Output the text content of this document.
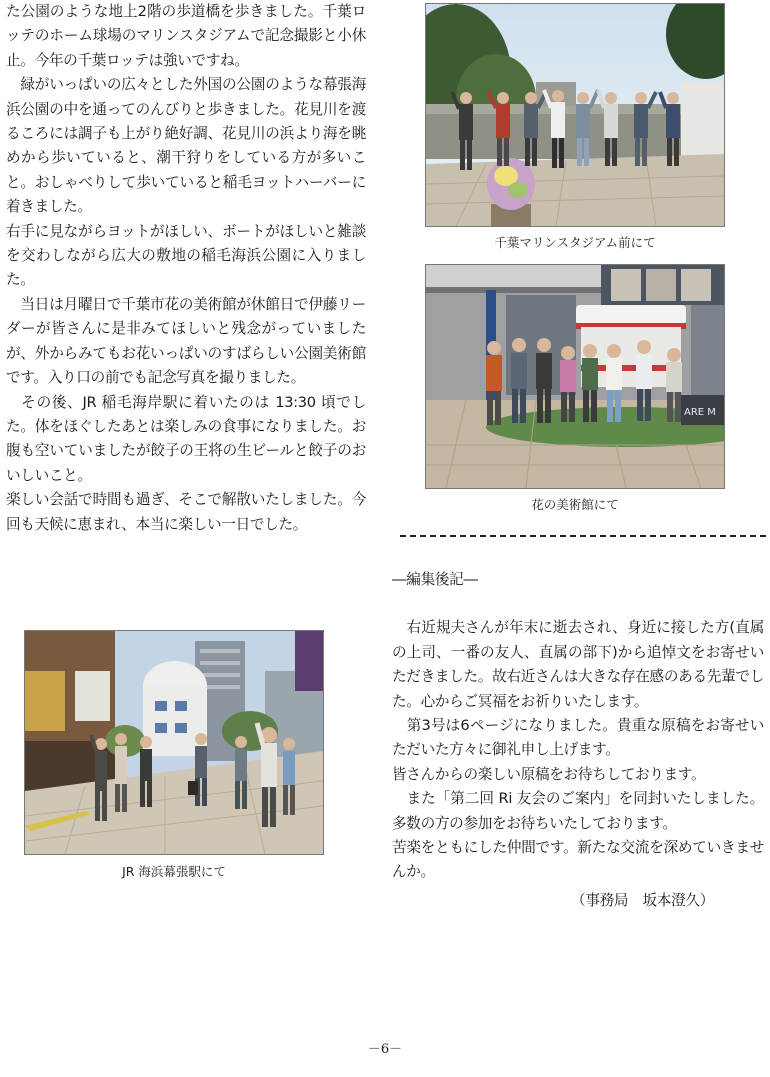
た公園のような地上2階の歩道橋を歩きました。千葉ロッテのホーム球場のマリンスタジアムで記念撮影と小休止。今年の千葉ロッテは強いですね。

　緑がいっぱいの広々とした外国の公園のような幕張海浜公園の中を通ってのんびりと歩きました。花見川を渡るころには調子も上がり絶好調、花見川の浜より海を眺めから歩いていると、潮干狩りをしている方が多いこと。おしゃべりして歩いていると稲毛ヨットハーバーに着きました。

右手に見ながらヨットがほしい、ボートがほしいと雑談を交わしながら広大の敷地の稲毛海浜公園に入りました。

　当日は月曜日で千葉市花の美術館が休館日で伊藤リーダーが皆さんに是非みてほしいと残念がっていましたが、外からみてもお花いっぱいのすばらしい公園美術館です。入り口の前でも記念写真を撮りました。

　その後、JR 稲毛海岸駅に着いたのは 13:30 頃でした。体をほぐしたあとは楽しみの食事になりました。お腹も空いていましたが餃子の王将の生ビールと餃子のおいしいこと。

楽しい会話で時間も過ぎ、そこで解散いたしました。今回も天候に恵まれ、本当に楽しい一日でした。

千葉マリンスタジアム前にて
ARE M
花の美術館にて

―編集後記―

　右近規夫さんが年末に逝去され、身近に接した方(直属の上司、一番の友人、直属の部下)から追悼文をお寄せいただきました。故右近さんは大きな存在感のある先輩でした。心からご冥福をお祈りいたします。

　第3号は6ページになりました。貴重な原稿をお寄せいただいた方々に御礼申し上げます。

皆さんからの楽しい原稿をお待ちしております。

　また「第二回 Ri 友会のご案内」を同封いたしました。多数の方の参加をお待ちいたしております。

苦楽をともにした仲間です。新たな交流を深めていきませんか。

（事務局　坂本澄久）

JR 海浜幕張駅にて
－6－
